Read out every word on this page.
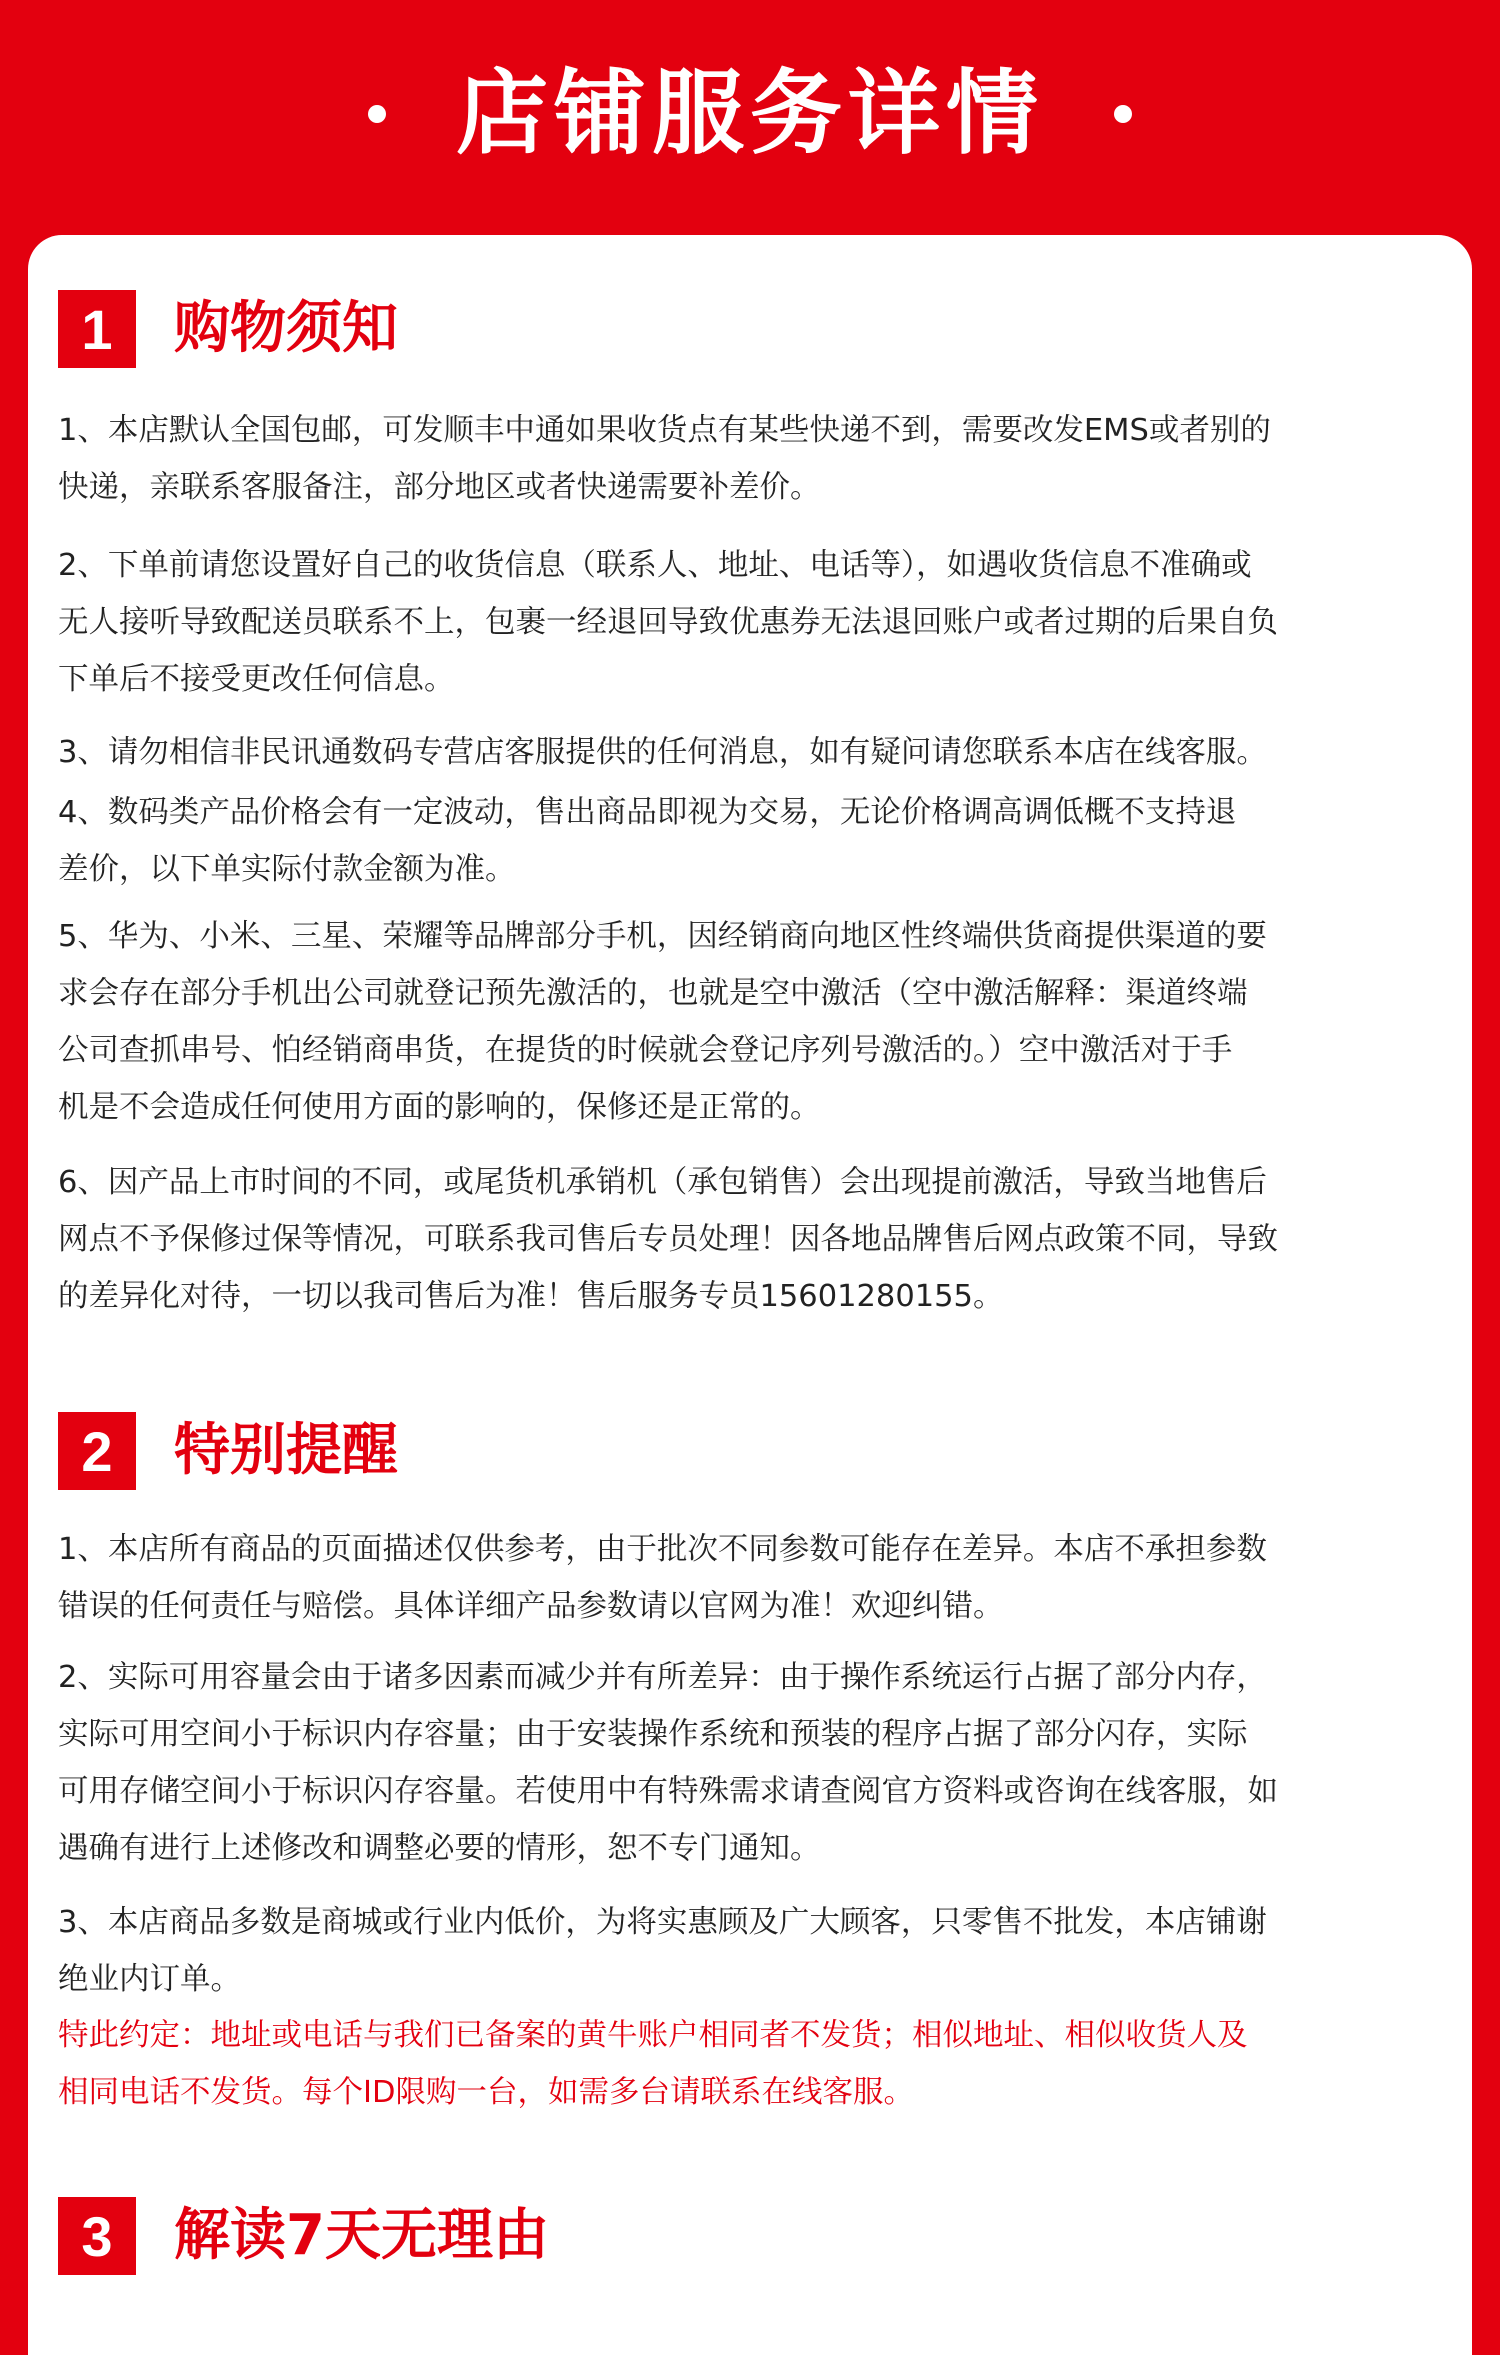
店铺服务详情
1	购物须知

1、本店默认全国包邮，可发顺丰中通如果收货点有某些快递不到，需要改发EMS或者别的
快递，亲联系客服备注，部分地区或者快递需要补差价。

2、下单前请您设置好自己的收货信息（联系人、地址、电话等），如遇收货信息不准确或
无人接听导致配送员联系不上，包裹一经退回导致优惠券无法退回账户或者过期的后果自负
下单后不接受更改任何信息。

3、请勿相信非民讯通数码专营店客服提供的任何消息，如有疑问请您联系本店在线客服。

4、数码类产品价格会有一定波动，售出商品即视为交易，无论价格调高调低概不支持退
差价，以下单实际付款金额为准。

5、华为、小米、三星、荣耀等品牌部分手机，因经销商向地区性终端供货商提供渠道的要
求会存在部分手机出公司就登记预先激活的，也就是空中激活（空中激活解释：渠道终端
公司查抓串号、怕经销商串货，在提货的时候就会登记序列号激活的。）空中激活对于手
机是不会造成任何使用方面的影响的，保修还是正常的。

6、因产品上市时间的不同，或尾货机承销机（承包销售）会出现提前激活，导致当地售后
网点不予保修过保等情况，可联系我司售后专员处理！因各地品牌售后网点政策不同，导致
的差异化对待，一切以我司售后为准！售后服务专员15601280155。

2	特别提醒

1、本店所有商品的页面描述仅供参考，由于批次不同参数可能存在差异。本店不承担参数
错误的任何责任与赔偿。具体详细产品参数请以官网为准！欢迎纠错。

2、实际可用容量会由于诸多因素而减少并有所差异：由于操作系统运行占据了部分内存，
实际可用空间小于标识内存容量；由于安装操作系统和预装的程序占据了部分闪存，实际
可用存储空间小于标识闪存容量。若使用中有特殊需求请查阅官方资料或咨询在线客服，如
遇确有进行上述修改和调整必要的情形，恕不专门通知。

3、本店商品多数是商城或行业内低价，为将实惠顾及广大顾客，只零售不批发，本店铺谢
绝业内订单。

特此约定：地址或电话与我们已备案的黄牛账户相同者不发货；相似地址、相似收货人及
相同电话不发货。每个ID限购一台，如需多台请联系在线客服。

3	解读7天无理由
